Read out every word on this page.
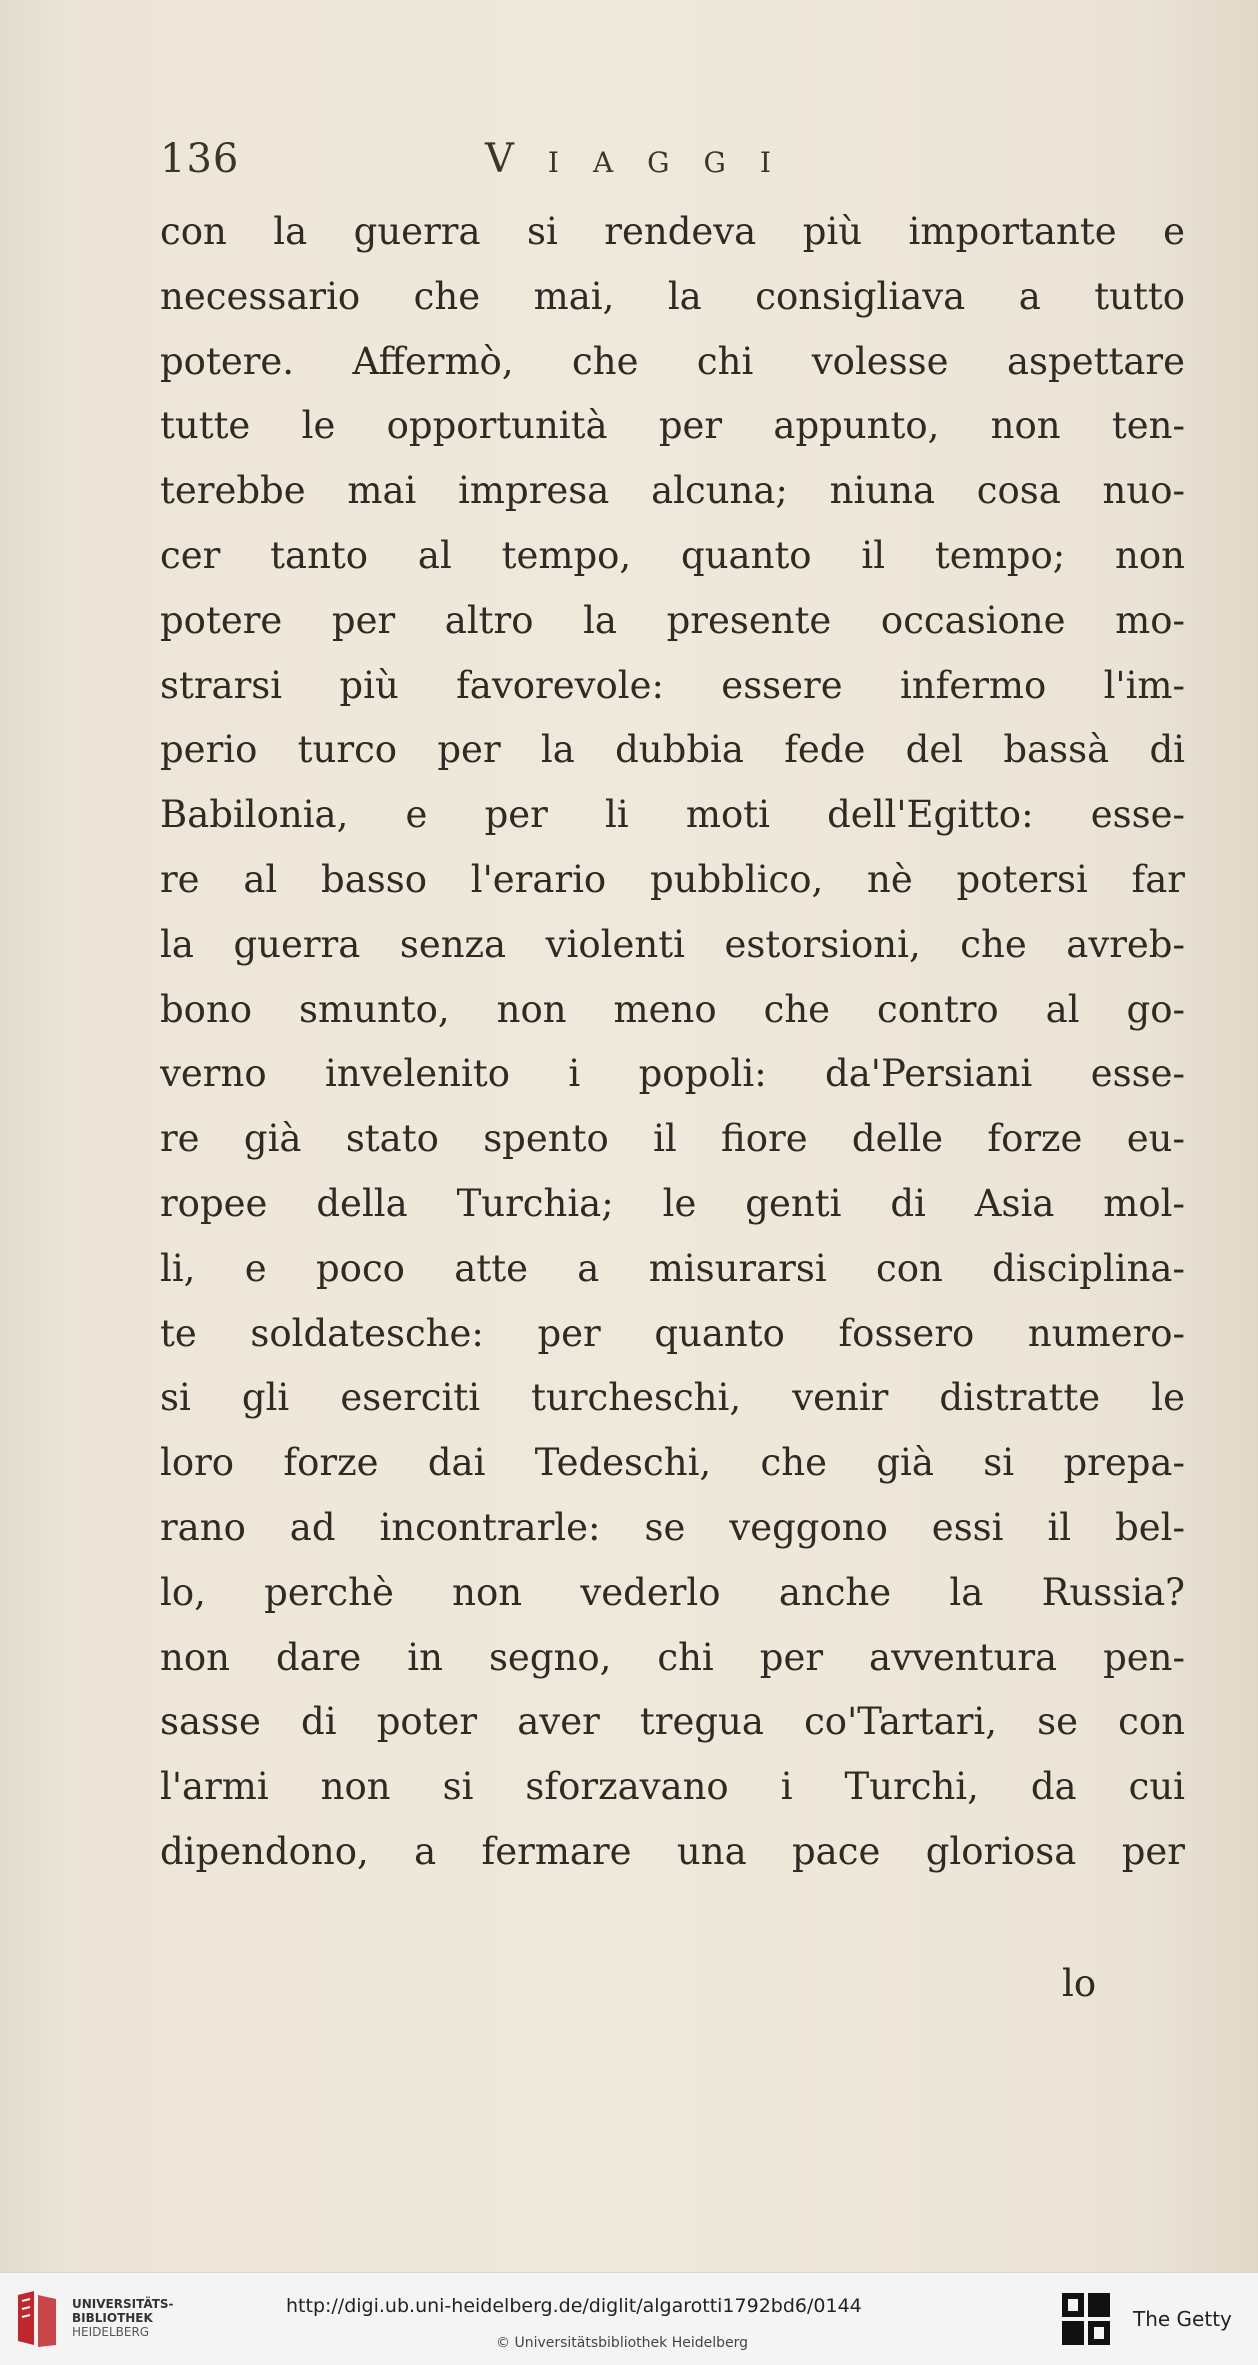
136	Viaggi
con la guerra si rendeva più importante e
necessario che mai, la consigliava a tutto
potere. Affermò, che chi volesse aspettare
tutte le opportunità per appunto, non ten-
terebbe mai impresa alcuna; niuna cosa nuo-
cer tanto al tempo, quanto il tempo; non
potere per altro la presente occasione mo-
strarsi più favorevole: essere infermo l'im-
perio turco per la dubbia fede del bassà di
Babilonia, e per li moti dell'Egitto: esse-
re al basso l'erario pubblico, nè potersi far
la guerra senza violenti estorsioni, che avreb-
bono smunto, non meno che contro al go-
verno invelenito i popoli: da'Persiani esse-
re già stato spento il fiore delle forze eu-
ropee della Turchia; le genti di Asia mol-
li, e poco atte a misurarsi con disciplina-
te soldatesche: per quanto fossero numero-
si gli eserciti turcheschi, venir distratte le
loro forze dai Tedeschi, che già si prepa-
rano ad incontrarle: se veggono essi il bel-
lo, perchè non vederlo anche la Russia?
non dare in segno, chi per avventura pen-
sasse di poter aver tregua co'Tartari, se con
l'armi non si sforzavano i Turchi, da cui
dipendono, a fermare una pace gloriosa per
lo
UNIVERSITÄTS-
BIBLIOTHEK
HEIDELBERG
http://digi.ub.uni-heidelberg.de/diglit/algarotti1792bd6/0144
© Universitätsbibliothek Heidelberg
The Getty
